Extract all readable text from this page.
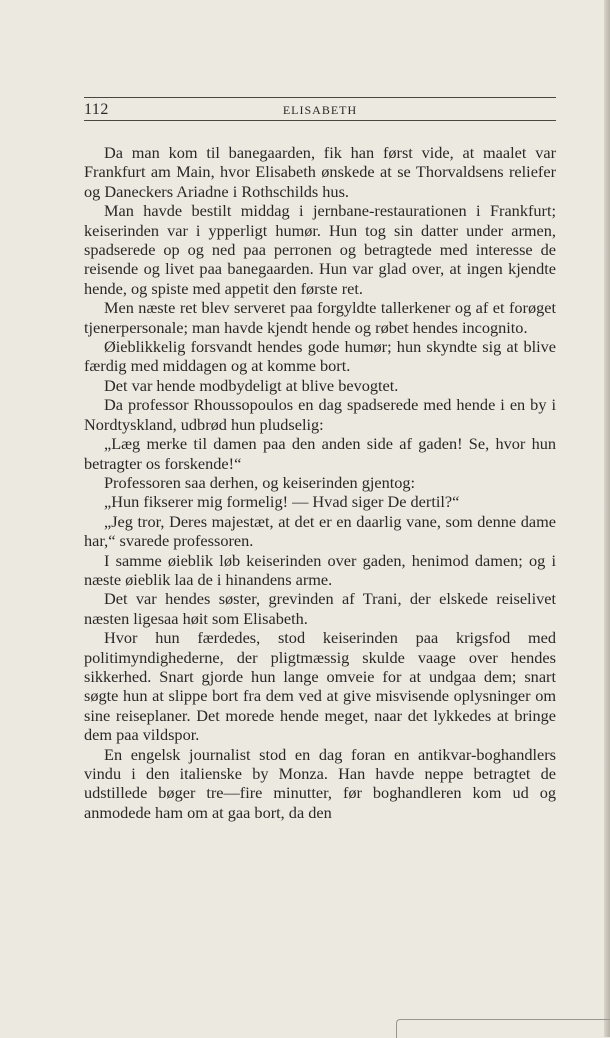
112	ELISABETH

Da man kom til banegaarden, fik han først vide, at maalet var Frankfurt am Main, hvor Elisabeth ønskede at se Thorvaldsens reliefer og Daneckers Ariadne i Rothschilds hus.

Man havde bestilt middag i jernbane-restaurationen i Frankfurt; keiserinden var i ypperligt humør. Hun tog sin datter under armen, spadserede op og ned paa perronen og betragtede med interesse de reisende og livet paa banegaarden. Hun var glad over, at ingen kjendte hende, og spiste med appetit den første ret.

Men næste ret blev serveret paa forgyldte tallerkener og af et forøget tjenerpersonale; man havde kjendt hende og røbet hendes incognito.

Øieblikkelig forsvandt hendes gode humør; hun skyndte sig at blive færdig med middagen og at komme bort.

Det var hende modbydeligt at blive bevogtet.

Da professor Rhoussopoulos en dag spadserede med hende i en by i Nordtyskland, udbrød hun pludselig:

„Læg merke til damen paa den anden side af gaden! Se, hvor hun betragter os forskende!“

Professoren saa derhen, og keiserinden gjentog:

„Hun fikserer mig formelig! — Hvad siger De dertil?“

„Jeg tror, Deres majestæt, at det er en daarlig vane, som denne dame har,“ svarede professoren.

I samme øieblik løb keiserinden over gaden, henimod damen; og i næste øieblik laa de i hinandens arme.

Det var hendes søster, grevinden af Trani, der elskede reiselivet næsten ligesaa høit som Elisabeth.

Hvor hun færdedes, stod keiserinden paa krigsfod med politimyndighederne, der pligtmæssig skulde vaage over hendes sikkerhed. Snart gjorde hun lange omveie for at undgaa dem; snart søgte hun at slippe bort fra dem ved at give misvisende oplysninger om sine reiseplaner. Det morede hende meget, naar det lykkedes at bringe dem paa vildspor.

En engelsk journalist stod en dag foran en antikvar-boghandlers vindu i den italienske by Monza. Han havde neppe betragtet de udstillede bøger tre—fire minutter, før boghandleren kom ud og anmodede ham om at gaa bort, da den
